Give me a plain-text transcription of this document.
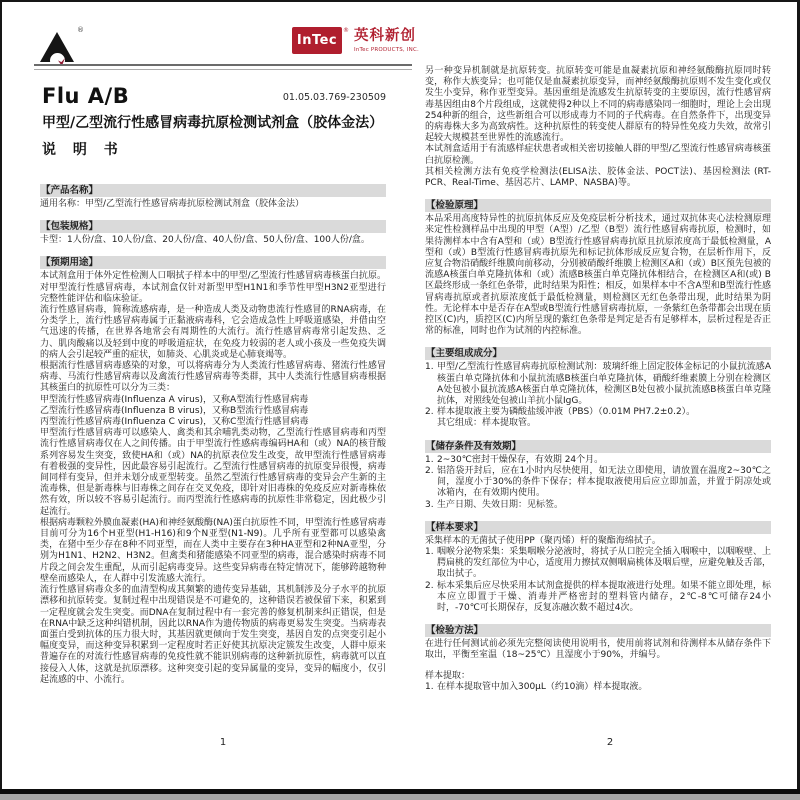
®
InTec
® 英科新创
InTec PRODUCTS, INC.
Flu A/B	01.05.03.769-230509
甲型/乙型流行性感冒病毒抗原检测试剂盒（胶体金法）
说 明 书
【产品名称】
通用名称：甲型/乙型流行性感冒病毒抗原检测试剂盒（胶体金法）
【包装规格】
卡型：1人份/盒、10人份/盒、20人份/盒、40人份/盒、50人份/盒、100人份/盒。
【预期用途】
本试剂盒用于体外定性检测人口咽拭子样本中的甲型/乙型流行性感冒病毒核蛋白抗原。对甲型流行性感冒病毒，本试剂盒仅针对新型甲型H1N1和季节性甲型H3N2亚型进行完整性能评估和临床验证。
流行性感冒病毒，简称流感病毒，是一种造成人类及动物患流行性感冒的RNA病毒，在分类学上，流行性感冒病毒属于正黏液病毒科，它会造成急性上呼吸道感染，并借由空气迅速的传播，在世界各地常会有周期性的大流行。流行性感冒病毒常引起发热、乏力、肌肉酸痛以及轻到中度的呼吸道症状，在免疫力较弱的老人或小孩及一些免疫失调的病人会引起较严重的症状，如肺炎、心肌炎或是心肺衰竭等。
根据流行性感冒病毒感染的对象，可以将病毒分为人类流行性感冒病毒、猪流行性感冒病毒、马流行性感冒病毒以及禽流行性感冒病毒等类群，其中人类流行性感冒病毒根据其核蛋白的抗原性可以分为三类：
甲型流行性感冒病毒(Influenza A virus)，又称A型流行性感冒病毒
乙型流行性感冒病毒(Influenza B virus)，又称B型流行性感冒病毒
丙型流行性感冒病毒(Influenza C virus)，又称C型流行性感冒病毒
甲型流行性感冒病毒可以感染人、禽类和其余哺乳类动物，乙型流行性感冒病毒和丙型流行性感冒病毒仅在人之间传播。由于甲型流行性感病毒编码HA和（或）NA的核苷酸系列容易发生突变，致使HA和（或）NA的抗原表位发生改变，故甲型流行性感冒病毒有着极强的变异性，因此最容易引起流行。乙型流行性感冒病毒的抗原变异很慢，病毒间同样有变异，但并未划分成亚型转变。虽然乙型流行性感冒病毒的变异会产生新的主流毒株，但是新毒株与旧毒株之间存在交叉免疫，即针对旧毒株的免疫反应对新毒株依然有效，所以较不容易引起流行。而丙型流行性感病毒的抗原性非常稳定，因此极少引起流行。
根据病毒颗粒外膜血凝素(HA)和神经氨酸酶(NA)蛋白抗原性不同，甲型流行性感冒病毒目前可分为16个H亚型(H1-H16)和9个N亚型(N1-N9)。几乎所有亚型都可以感染禽类，在猪中至少存在8种不同亚型，而在人类中主要存在3种HA亚型和2种NA亚型，分别为H1N1、H2N2、H3N2。但禽类和猪能感染不同亚型的病毒，混合感染时病毒不同片段之间会发生重配，从而引起病毒变异。这些变异病毒在特定情况下，能够跨越物种壁垒而感染人，在人群中引发流感大流行。
流行性感冒病毒众多的血清型构成其频繁的遗传变异基础，其机制涉及分子水平的抗原漂移和抗原转变。复制过程中出现错误是不可避免的，这种错误若被保留下来，积累到一定程度就会发生突变。而DNA在复制过程中有一套完善的修复机制来纠正错误，但是在RNA中缺乏这种纠错机制，因此以RNA作为遗传物质的病毒更易发生突变。当病毒表面蛋白受到抗体的压力很大时，其基因就更倾向于发生突变，基因自发的点突变引起小幅度变异，而这种变异积累到一定程度时若正好使其抗原决定簇发生改变，人群中原来普遍存在的对流行性感冒病毒的免疫性就不能识别病毒的这种新抗原性，病毒就可以直接侵入人体，这就是抗原漂移。这种突变引起的变异属量的变异，变异的幅度小，仅引起流感的中、小流行。
另一种变异机制就是抗原转变。抗原转变可能是血凝素抗原和神经氨酸酶抗原同时转变，称作大族变异；也可能仅是血凝素抗原变异，而神经氨酸酶抗原则不发生变化或仅发生小变异，称作亚型变异。基因重组是流感发生抗原转变的主要原因，流行性感冒病毒基因组由8个片段组成，这就使得2种以上不同的病毒感染同一细胞时，理论上会出现254种新的组合，这些新组合可以形成毒力不同的子代病毒。在自然条件下，出现变异的病毒株大多为高致病性。这种抗原性的转变使人群原有的特异性免疫力失效，故常引起较大规模甚至世界性的流感流行。
本试剂盒适用于有流感样症状患者或相关密切接触人群的甲型/乙型流行性感冒病毒核蛋白抗原检测。
其相关检测方法有免疫学检测法(ELISA法、胶体金法、POCT法)、基因检测法 (RT-PCR、Real-Time、基因芯片、LAMP、NASBA)等。
【检验原理】
本品采用高度特异性的抗原抗体反应及免疫层析分析技术，通过双抗体夹心法检测原理来定性检测样品中出现的甲型（A型）/乙型（B型）流行性感冒病毒抗原，检测时，如果待测样本中含有A型和（或）B型流行性感冒病毒抗原且抗原浓度高于最低检测量，A型和（或）B型流行性感冒病毒抗原先和标记抗体形成反应复合物，在层析作用下，反应复合物沿硝酸纤维膜向前移动，分别被硝酸纤维膜上检测区A和（或）B区预先包被的流感A核蛋白单克隆抗体和（或）流感B核蛋白单克隆抗体相结合，在检测区A和(或) B区最终形成一条红色条带，此时结果为阳性；相反，如果样本中不含A型和B型流行性感冒病毒抗原或者抗原浓度低于最低检测量，则检测区无红色条带出现，此时结果为阴性。无论样本中是否存在A型或B型流行性感冒病毒抗原，一条紫红色条带都会出现在质控区(C)内，质控区(C)内所呈现的紫红色条带是判定是否有足够样本，层析过程是否正常的标准，同时也作为试剂的内控标准。
【主要组成成分】
1. 甲型/乙型流行性感冒病毒抗原检测试剂：玻璃纤维上固定胶体金标记的小鼠抗流感A核蛋白单克隆抗体和小鼠抗流感B核蛋白单克隆抗体，硝酸纤维素膜上分别在检测区A处包被小鼠抗流感A核蛋白单克隆抗体，检测区B处包被小鼠抗流感B核蛋白单克隆抗体，对照线处包被山羊抗小鼠IgG。
2. 样本提取液主要为磷酸盐缓冲液（PBS）（0.01M PH7.2±0.2）。
其它组成：样本提取管。
【储存条件及有效期】
1. 2~30℃密封干燥保存，有效期 24个月。
2. 铝箔袋开封后，应在1小时内尽快使用，如无法立即使用，请放置在温度2~30℃之间，湿度小于30%的条件下保存；样本提取液使用后应立即加盖，并置于阴凉处或冰箱内，在有效期内使用。
3. 生产日期、失效日期：见标签。
【样本要求】
采集样本的无菌拭子使用PP（聚丙烯）杆的聚酯海绵拭子。
1. 咽喉分泌物采集：采集咽喉分泌液时，将拭子从口腔完全插入咽喉中，以咽喉壁、上腭扁桃的发红部位为中心，适度用力擦拭双侧咽扁桃体及咽后壁，应避免触及舌部，取出拭子。
2. 标本采集后应尽快采用本试剂盒提供的样本提取液进行处理。如果不能立即处理，标本应立即置于干燥、消毒并严格密封的塑料管内储存，2℃-8℃可储存24小时，-70℃可长期保存，反复冻融次数不超过4次。
【检验方法】
在进行任何测试前必须先完整阅读使用说明书，使用前将试剂和待测样本从储存条件下取出，平衡至室温（18~25℃）且湿度小于90%，并编号。
样本提取：
1. 在样本提取管中加入300μL（约10滴）样本提取液。
1	2
